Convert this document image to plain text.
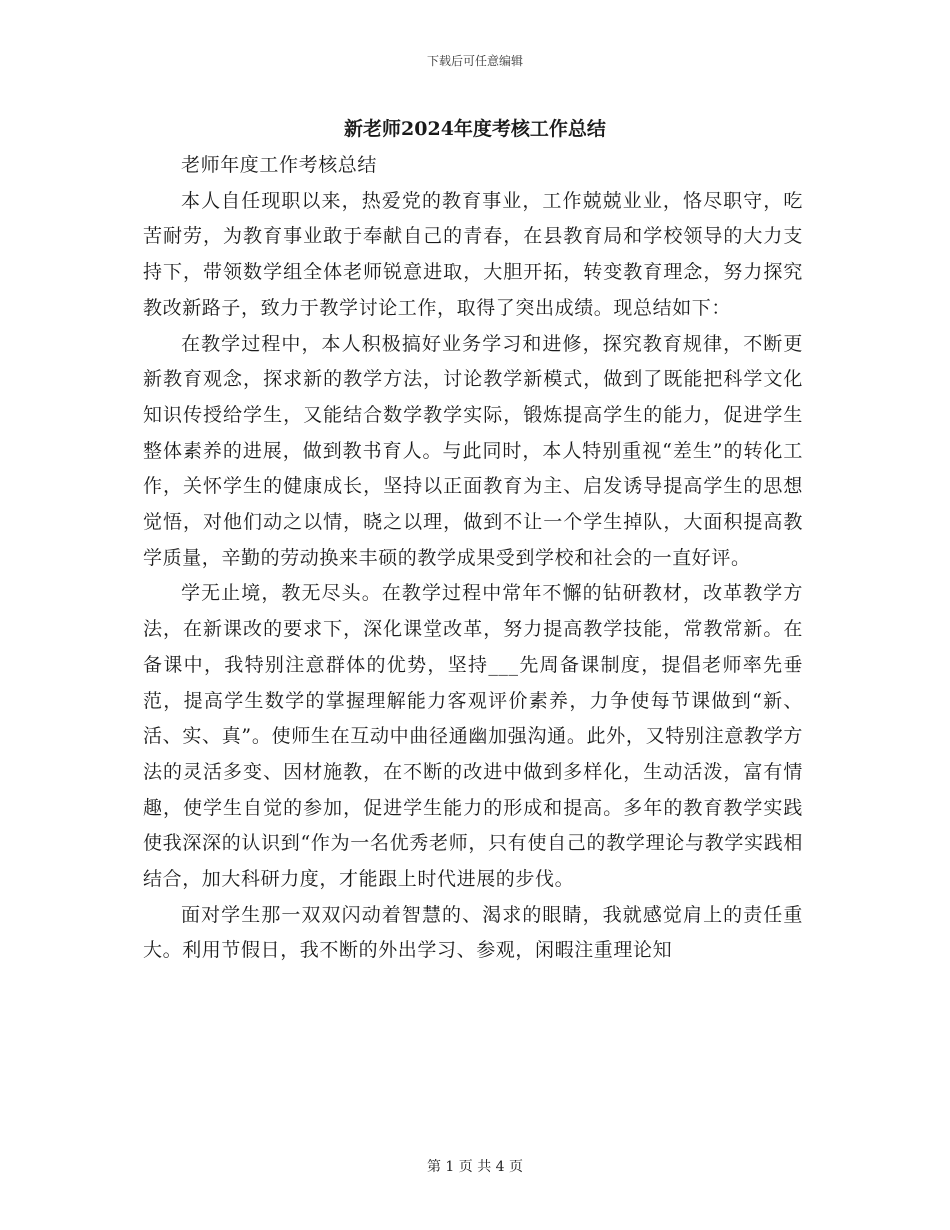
下载后可任意编辑
新老师2024年度考核工作总结

老师年度工作考核总结

本人自任现职以来，热爱党的教育事业，工作兢兢业业，恪尽职守，吃苦耐劳，为教育事业敢于奉献自己的青春，在县教育局和学校领导的大力支持下，带领数学组全体老师锐意进取，大胆开拓，转变教育理念，努力探究教改新路子，致力于教学讨论工作，取得了突出成绩。现总结如下：

在教学过程中，本人积极搞好业务学习和进修，探究教育规律，不断更新教育观念，探求新的教学方法，讨论教学新模式，做到了既能把科学文化知识传授给学生，又能结合数学教学实际，锻炼提高学生的能力，促进学生整体素养的进展，做到教书育人。与此同时，本人特别重视“差生”的转化工作，关怀学生的健康成长，坚持以正面教育为主、启发诱导提高学生的思想觉悟，对他们动之以情，晓之以理，做到不让一个学生掉队，大面积提高教学质量，辛勤的劳动换来丰硕的教学成果受到学校和社会的一直好评。

学无止境，教无尽头。在教学过程中常年不懈的钻研教材，改革教学方法，在新课改的要求下，深化课堂改革，努力提高教学技能，常教常新。在备课中，我特别注意群体的优势，坚持___先周备课制度，提倡老师率先垂范，提高学生数学的掌握理解能力客观评价素养，力争使每节课做到“新、活、实、真”。使师生在互动中曲径通幽加强沟通。此外，又特别注意教学方法的灵活多变、因材施教，在不断的改进中做到多样化，生动活泼，富有情趣，使学生自觉的参加，促进学生能力的形成和提高。多年的教育教学实践使我深深的认识到“作为一名优秀老师，只有使自己的教学理论与教学实践相结合，加大科研力度，才能跟上时代进展的步伐。

面对学生那一双双闪动着智慧的、渴求的眼睛，我就感觉肩上的责任重大。利用节假日，我不断的外出学习、参观，闲暇注重理论知

第 1 页 共 4 页
